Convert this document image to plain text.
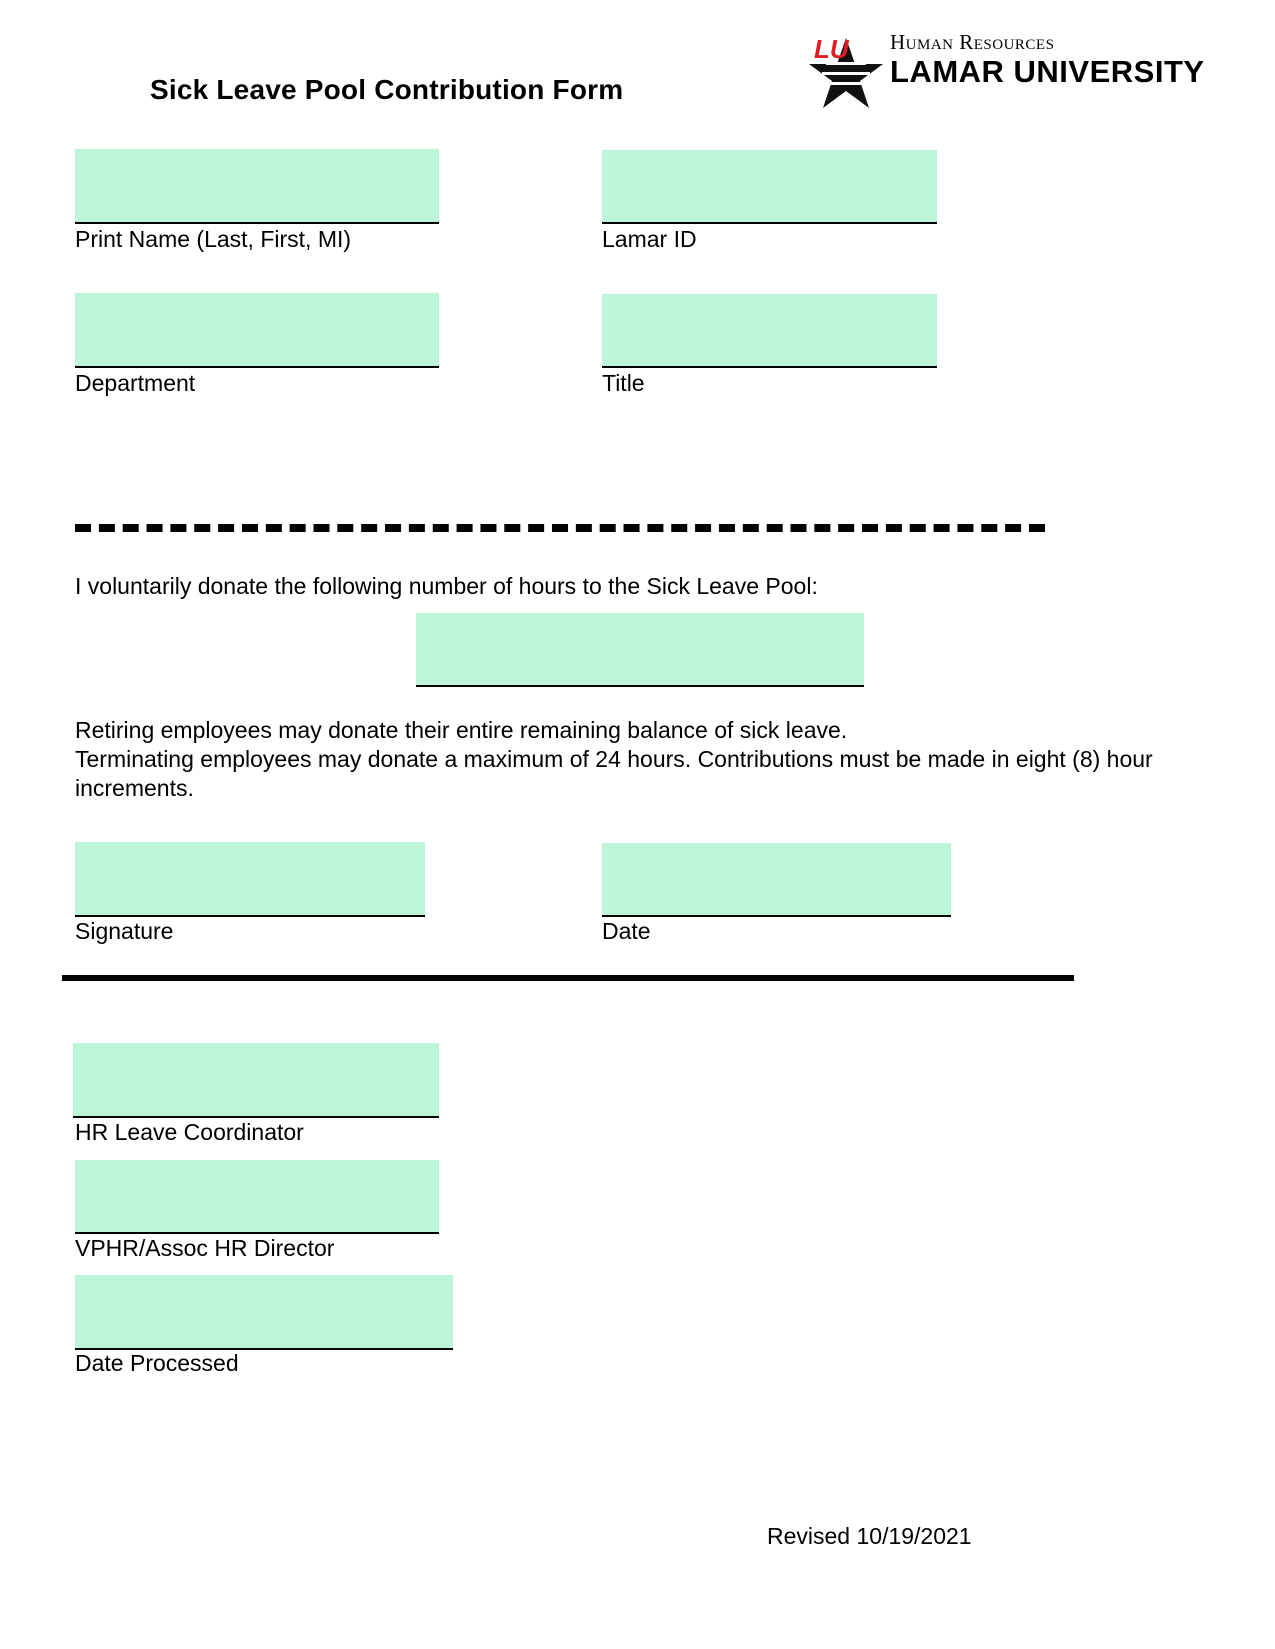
Sick Leave Pool Contribution Form
LU Human Resources
LAMAR UNIVERSITY
Print Name (Last, First, MI)	Lamar ID
Department	Title
I voluntarily donate the following number of hours to the Sick Leave Pool:
Retiring employees may donate their entire remaining balance of sick leave.
Terminating employees may donate a maximum of 24 hours. Contributions must be made in eight (8) hour increments.
Signature	Date
HR Leave Coordinator
VPHR/Assoc HR Director
Date Processed
Revised 10/19/2021
